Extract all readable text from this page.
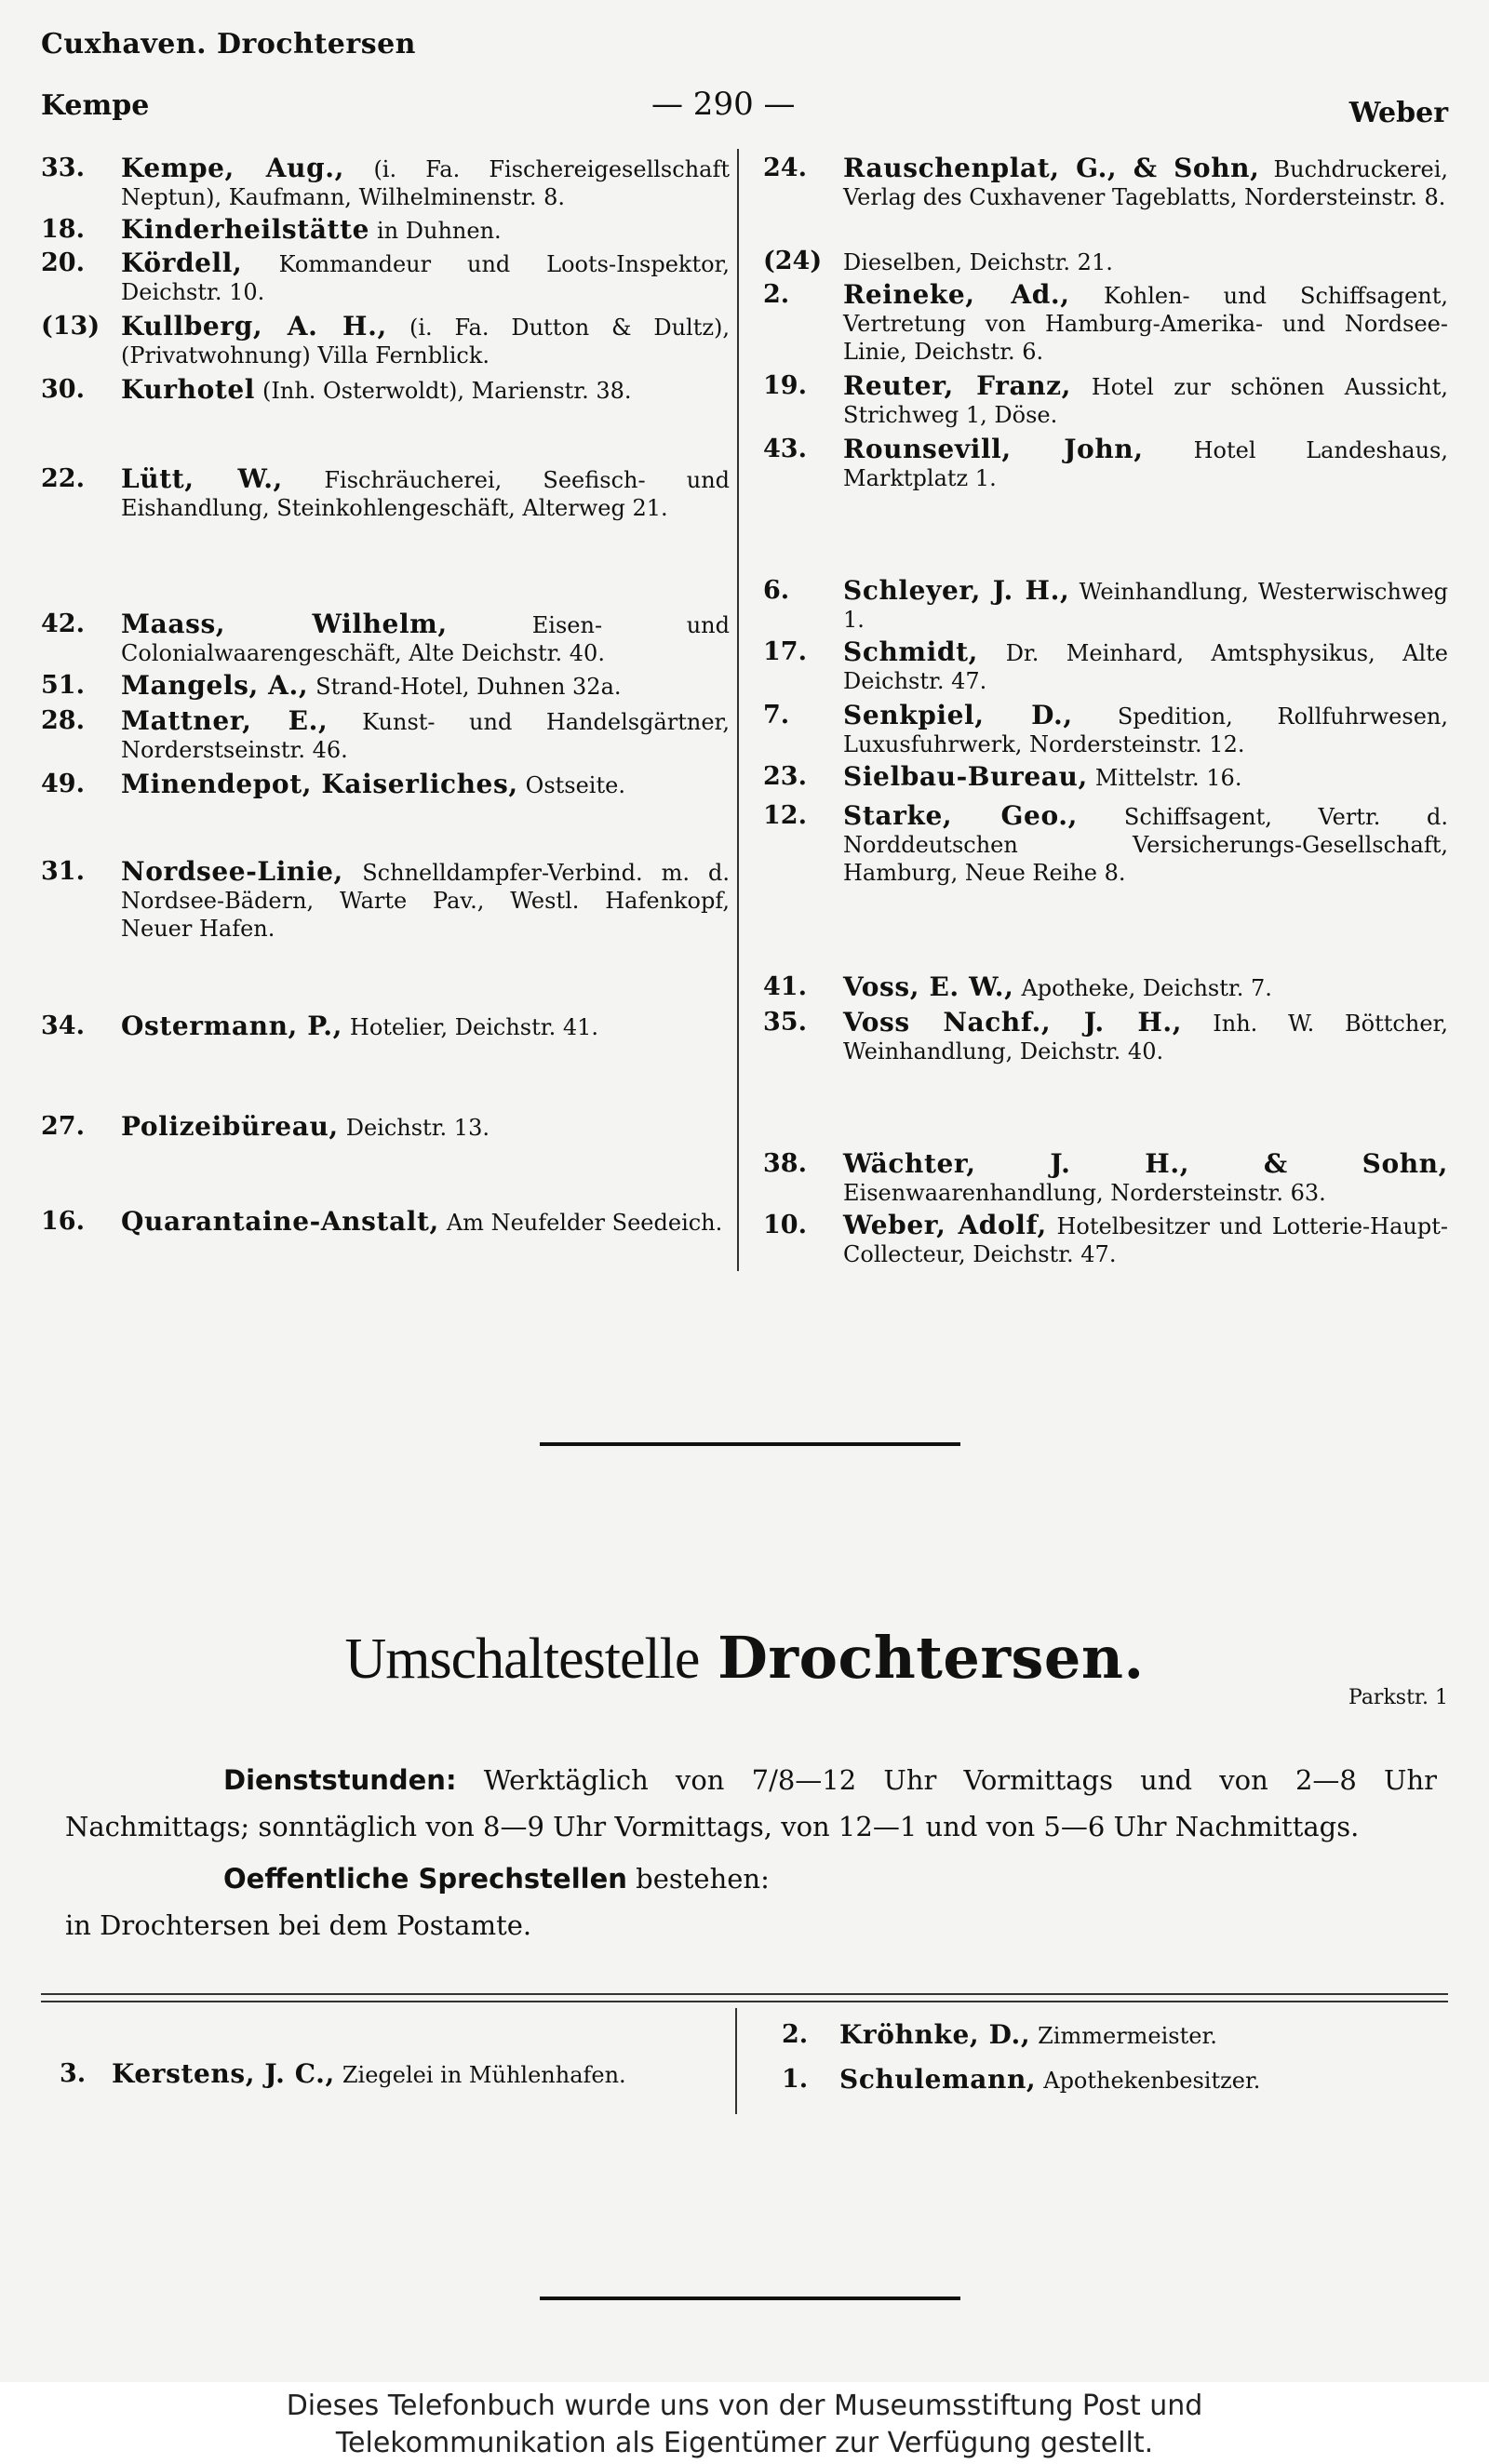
Cuxhaven. Drochtersen
Kempe	— 290 —	Weber
33.	Kempe, Aug., (i. Fa. Fischereigesellschaft Neptun), Kaufmann, Wilhelminenstr. 8.
18.	Kinderheilstätte in Duhnen.
20.	Kördell, Kommandeur und Loots-Inspektor, Deichstr. 10.
(13) Kullberg, A. H., (i. Fa. Dutton & Dultz), (Privatwohnung) Villa Fernblick.
30.	Kurhotel (Inh. Osterwoldt), Marienstr. 38.
22.	Lütt, W., Fischräucherei, Seefisch- und Eishandlung, Steinkohlengeschäft, Alterweg 21.
42.	Maass, Wilhelm,	Eisen- und Colonialwaarengeschäft, Alte Deichstr. 40.
51.	Mangels, A., Strand-Hotel, Duhnen 32a.
28.	Mattner, E., Kunst- und Handelsgärtner, Norderstseinstr. 46.
49.	Minendepot, Kaiserliches, Ostseite.
31.	Nordsee-Linie, Schnelldampfer-Verbind. m. d. Nordsee-Bädern, Warte Pav., Westl. Hafenkopf, Neuer Hafen.
34.	Ostermann, P., Hotelier, Deichstr. 41.
27.	Polizeibüreau, Deichstr. 13.
16.	Quarantaine-Anstalt, Am Neufelder Seedeich.
24.	Rauschenplat, G., & Sohn, Buchdruckerei, Verlag des Cuxhavener Tageblatts, Nordersteinstr. 8.
(24) Dieselben, Deichstr. 21.
2.	Reineke, Ad., Kohlen- und Schiffsagent, Vertretung von Hamburg-Amerika- und Nordsee-Linie, Deichstr. 6.
19.	Reuter, Franz, Hotel zur schönen Aussicht, Strichweg 1, Döse.
43.	Rounsevill, John, Hotel Landeshaus, Marktplatz 1.
6.	Schleyer, J. H., Weinhandlung, Westerwischweg 1.
17.	Schmidt, Dr. Meinhard, Amtsphysikus, Alte Deichstr. 47.
7.	Senkpiel, D., Spedition, Rollfuhrwesen, Luxusfuhrwerk, Nordersteinstr. 12.
23.	Sielbau-Bureau, Mittelstr. 16.
12.	Starke, Geo., Schiffsagent, Vertr. d. Norddeutschen Versicherungs-Gesellschaft, Hamburg, Neue Reihe 8.
41.	Voss, E. W., Apotheke, Deichstr. 7.
35.	Voss Nachf., J. H., Inh. W. Böttcher, Weinhandlung, Deichstr. 40.
38.	Wächter, J. H., & Sohn, Eisenwaarenhandlung, Nordersteinstr. 63.
10.	Weber, Adolf, Hotelbesitzer und Lotterie-Haupt-Collecteur, Deichstr. 47.
Umschaltestelle Drochtersen.
Parkstr. 1
Dienststunden: Werktäglich von 7/8—12 Uhr Vormittags und von 2—8 Uhr Nachmittags; sonntäglich von 8—9 Uhr Vormittags, von 12—1 und von 5—6 Uhr Nachmittags.
Oeffentliche Sprechstellen bestehen:
in Drochtersen bei dem Postamte.
3. Kerstens, J. C., Ziegelei in Mühlenhafen.
2.	Kröhnke, D., Zimmermeister.
1.	Schulemann, Apothekenbesitzer.
Dieses Telefonbuch wurde uns von der Museumsstiftung Post und
Telekommunikation als Eigentümer zur Verfügung gestellt.
